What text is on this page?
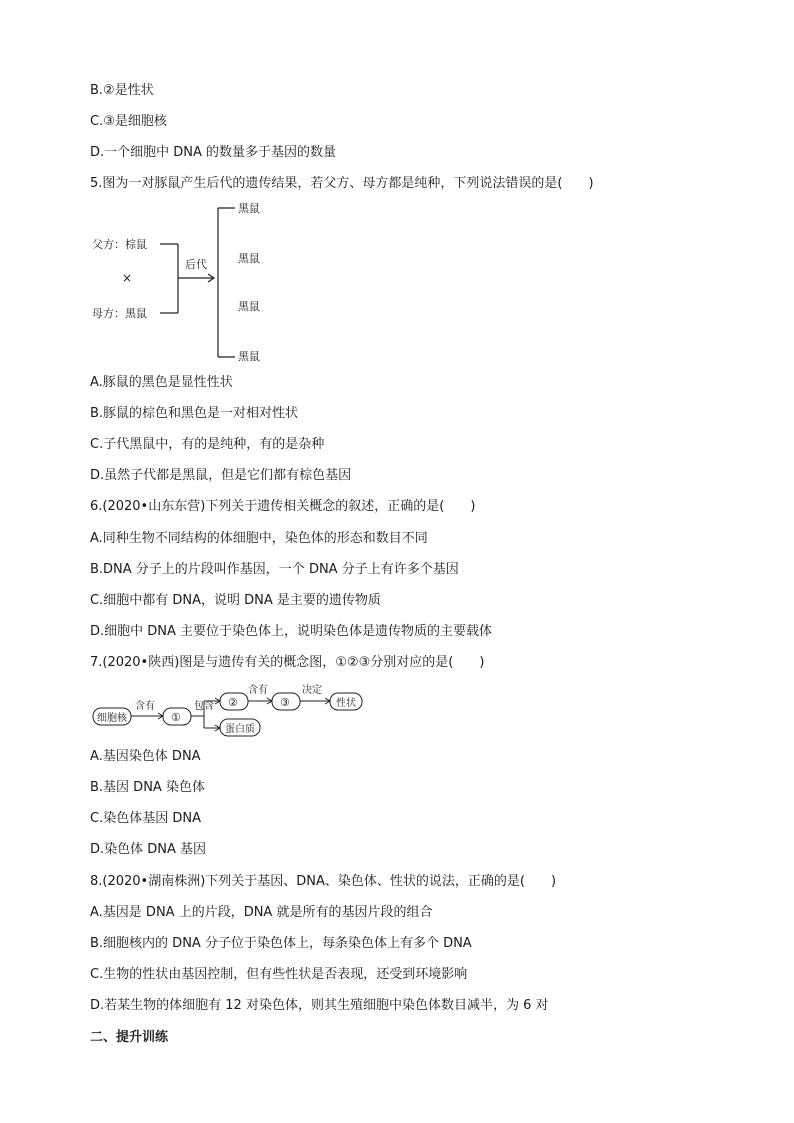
B.②是性状
C.③是细胞核
D.一个细胞中 DNA 的数量多于基因的数量
5.图为一对豚鼠产生后代的遗传结果，若父方、母方都是纯种，下列说法错误的是(　　)
父方：棕鼠
×
母方：黑鼠
后代
黑鼠
黑鼠
黑鼠
黑鼠
A.豚鼠的黑色是显性性状
B.豚鼠的棕色和黑色是一对相对性状
C.子代黑鼠中，有的是纯种，有的是杂种
D.虽然子代都是黑鼠，但是它们都有棕色基因
6.(2020•山东东营)下列关于遗传相关概念的叙述，正确的是(　　)
A.同种生物不同结构的体细胞中，染色体的形态和数目不同
B.DNA 分子上的片段叫作基因，一个 DNA 分子上有许多个基因
C.细胞中都有 DNA，说明 DNA 是主要的遗传物质
D.细胞中 DNA 主要位于染色体上，说明染色体是遗传物质的主要载体
7.(2020•陕西)图是与遗传有关的概念图，①②③分别对应的是(　　)
细胞核
含有
①
包含 ②
含有
③
决定
性状
蛋白质
A.基因染色体 DNA
B.基因 DNA 染色体
C.染色体基因 DNA
D.染色体 DNA 基因
8.(2020•湖南株洲)下列关于基因、DNA、染色体、性状的说法，正确的是(　　)
A.基因是 DNA 上的片段，DNA 就是所有的基因片段的组合
B.细胞核内的 DNA 分子位于染色体上，每条染色体上有多个 DNA
C.生物的性状由基因控制，但有些性状是否表现，还受到环境影响
D.若某生物的体细胞有 12 对染色体，则其生殖细胞中染色体数目减半，为 6 对
二、提升训练
